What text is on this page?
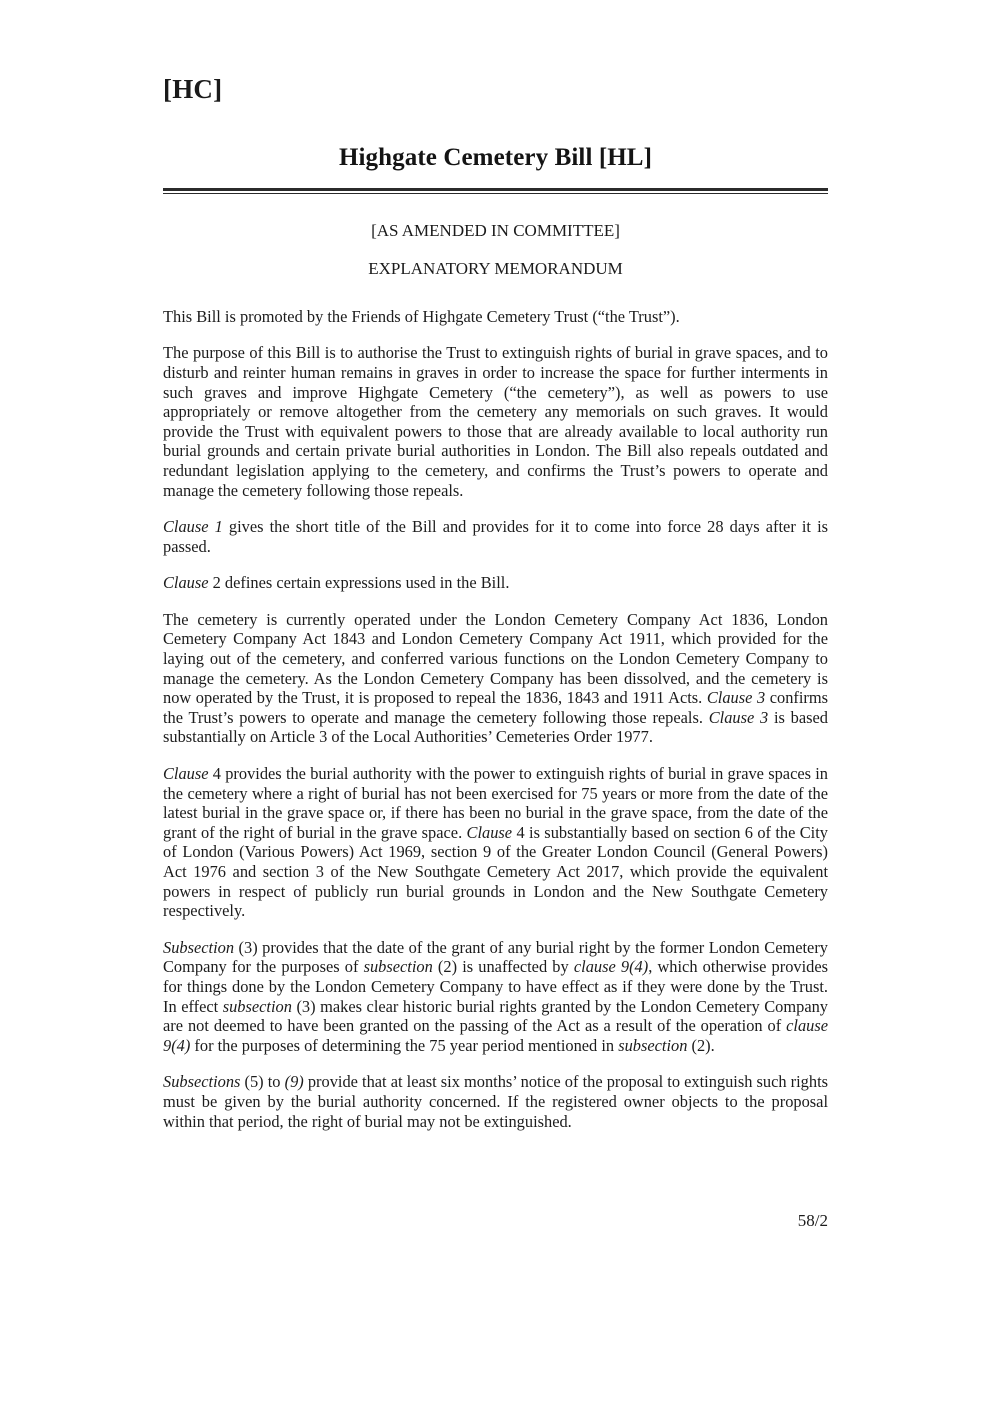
[HC]
Highgate Cemetery Bill [HL]
[AS AMENDED IN COMMITTEE]
EXPLANATORY MEMORANDUM

This Bill is promoted by the Friends of Highgate Cemetery Trust (“the Trust”).

The purpose of this Bill is to authorise the Trust to extinguish rights of burial in grave spaces, and to disturb and reinter human remains in graves in order to increase the space for further interments in such graves and improve Highgate Cemetery (“the cemetery”), as well as powers to use appropriately or remove altogether from the cemetery any memorials on such graves. It would provide the Trust with equivalent powers to those that are already available to local authority run burial grounds and certain private burial authorities in London. The Bill also repeals outdated and redundant legislation applying to the cemetery, and confirms the Trust’s powers to operate and manage the cemetery following those repeals.

Clause 1 gives the short title of the Bill and provides for it to come into force 28 days after it is passed.

Clause 2 defines certain expressions used in the Bill.

The cemetery is currently operated under the London Cemetery Company Act 1836, London Cemetery Company Act 1843 and London Cemetery Company Act 1911, which provided for the laying out of the cemetery, and conferred various functions on the London Cemetery Company to manage the cemetery. As the London Cemetery Company has been dissolved, and the cemetery is now operated by the Trust, it is proposed to repeal the 1836, 1843 and 1911 Acts. Clause 3 confirms the Trust’s powers to operate and manage the cemetery following those repeals. Clause 3 is based substantially on Article 3 of the Local Authorities’ Cemeteries Order 1977.

Clause 4 provides the burial authority with the power to extinguish rights of burial in grave spaces in the cemetery where a right of burial has not been exercised for 75 years or more from the date of the latest burial in the grave space or, if there has been no burial in the grave space, from the date of the grant of the right of burial in the grave space. Clause 4 is substantially based on section 6 of the City of London (Various Powers) Act 1969, section 9 of the Greater London Council (General Powers) Act 1976 and section 3 of the New Southgate Cemetery Act 2017, which provide the equivalent powers in respect of publicly run burial grounds in London and the New Southgate Cemetery respectively.

Subsection (3) provides that the date of the grant of any burial right by the former London Cemetery Company for the purposes of subsection (2) is unaffected by clause 9(4), which otherwise provides for things done by the London Cemetery Company to have effect as if they were done by the Trust. In effect subsection (3) makes clear historic burial rights granted by the London Cemetery Company are not deemed to have been granted on the passing of the Act as a result of the operation of clause 9(4) for the purposes of determining the 75 year period mentioned in subsection (2).

Subsections (5) to (9) provide that at least six months’ notice of the proposal to extinguish such rights must be given by the burial authority concerned. If the registered owner objects to the proposal within that period, the right of burial may not be extinguished.

58/2
